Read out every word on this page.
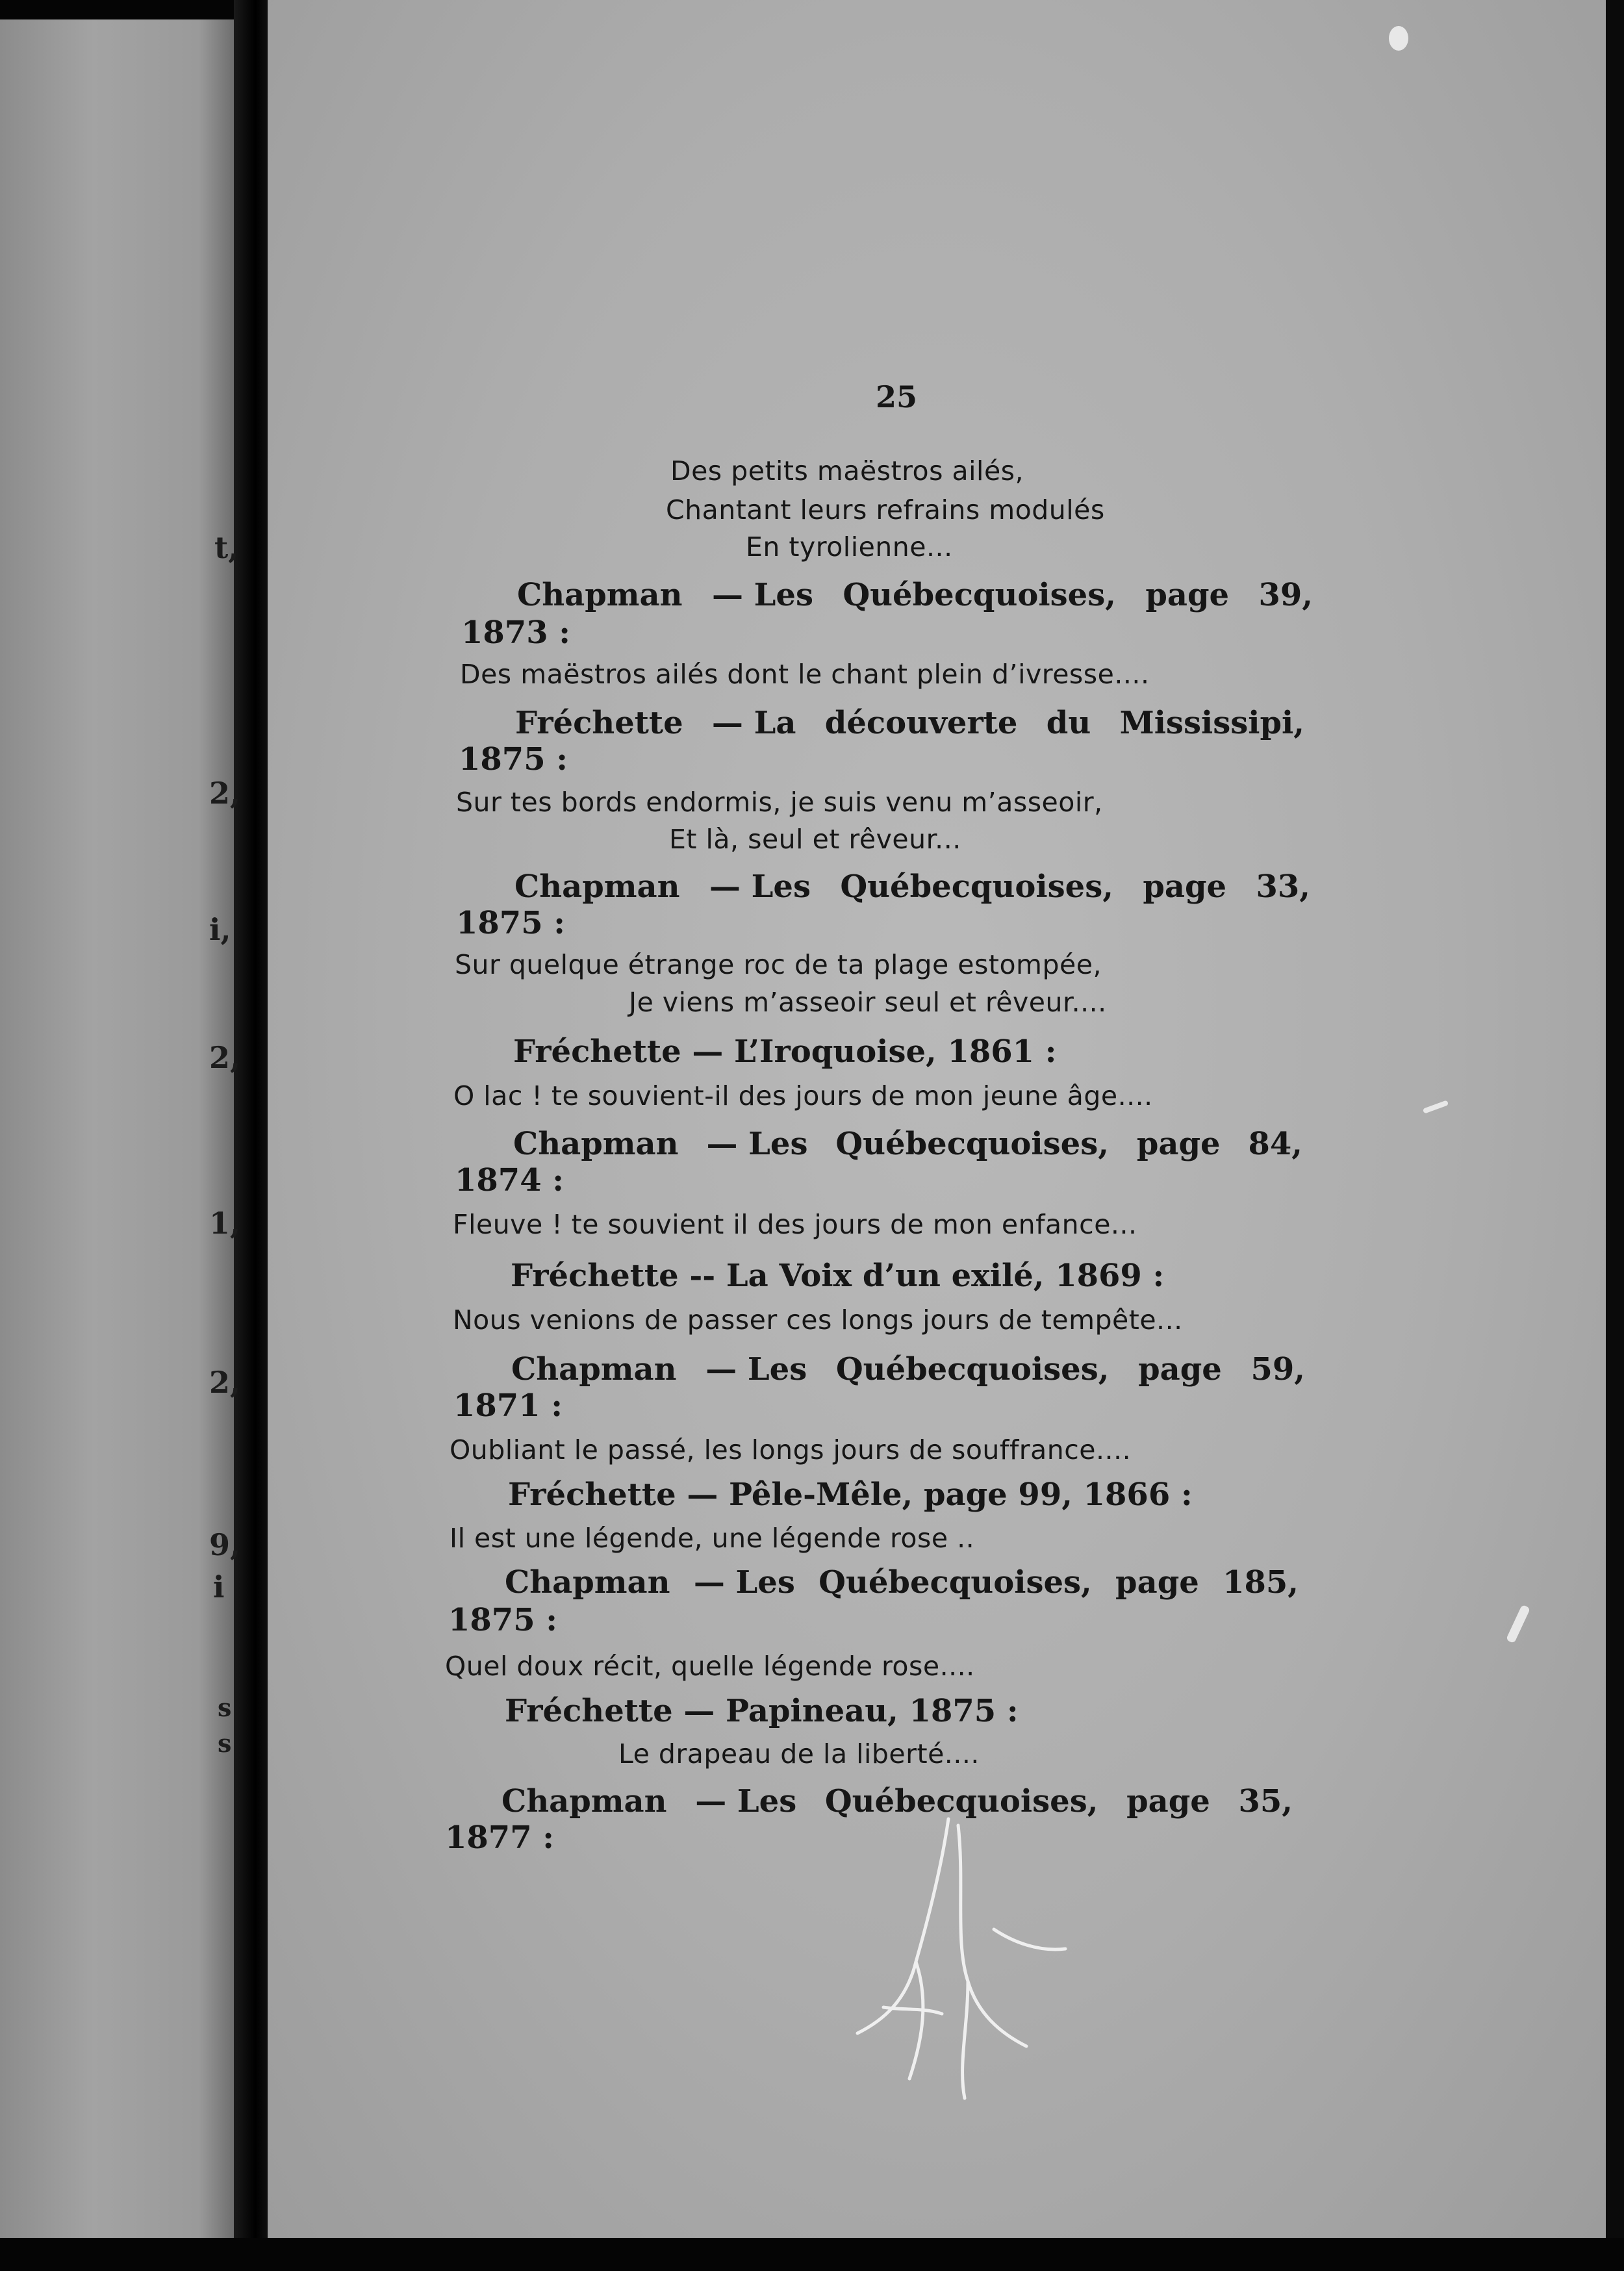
t,
2,
i,
2,
1,
2,
9,
i
s
s
25
Des petits maëstros ailés,
Chantant leurs refrains modulés
En tyrolienne...
Chapman — Les Québecquoises, page 39,
1873 :
Des maëstros ailés dont le chant plein d’ivresse....
Fréchette — La découverte du Mississipi,
1875 :
Sur tes bords endormis, je suis venu m’asseoir,
Et là, seul et rêveur...
Chapman — Les Québecquoises, page 33,
1875 :
Sur quelque étrange roc de ta plage estompée,
Je viens m’asseoir seul et rêveur....
Fréchette — L’Iroquoise, 1861 :
O lac ! te souvient-il des jours de mon jeune âge....
Chapman — Les Québecquoises, page 84,
1874 :
Fleuve ! te souvient il des jours de mon enfance...
Fréchette -- La Voix d’un exilé, 1869 :
Nous venions de passer ces longs jours de tempête...
Chapman — Les Québecquoises, page 59,
1871 :
Oubliant le passé, les longs jours de souffrance....
Fréchette — Pêle-Mêle, page 99, 1866 :
Il est une légende, une légende rose ..
Chapman — Les Québecquoises, page 185,
1875 :
Quel doux récit, quelle légende rose....
Fréchette — Papineau, 1875 :
Le drapeau de la liberté....
Chapman — Les Québecquoises, page 35,
1877 :
